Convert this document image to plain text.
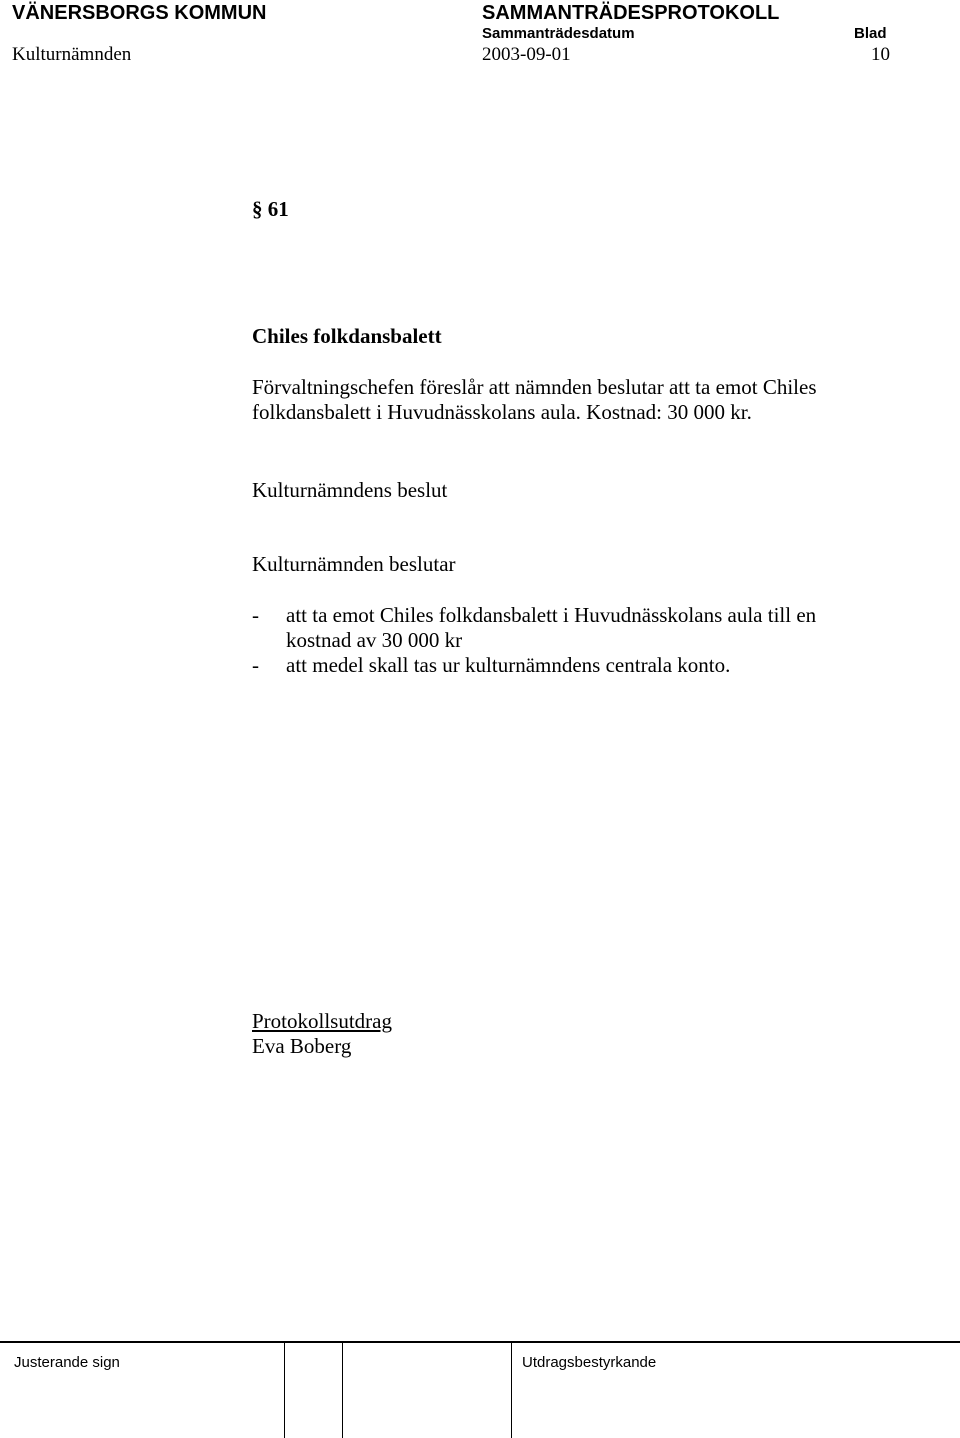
VÄNERSBORGS KOMMUN	SAMMANTRÄDESPROTOKOLL
Sammanträdesdatum	Blad
Kulturnämnden	2003-09-01	10
§ 61
Chiles folkdansbalett
Förvaltningschefen föreslår att nämnden beslutar att ta emot Chiles
folkdansbalett i Huvudnässkolans aula. Kostnad: 30 000 kr.
Kulturnämndens beslut
Kulturnämnden beslutar
- att ta emot Chiles folkdansbalett i Huvudnässkolans aula till en
kostnad av 30 000 kr
- att medel skall tas ur kulturnämndens centrala konto.
Protokollsutdrag
Eva Boberg
Justerande sign	Utdragsbestyrkande
